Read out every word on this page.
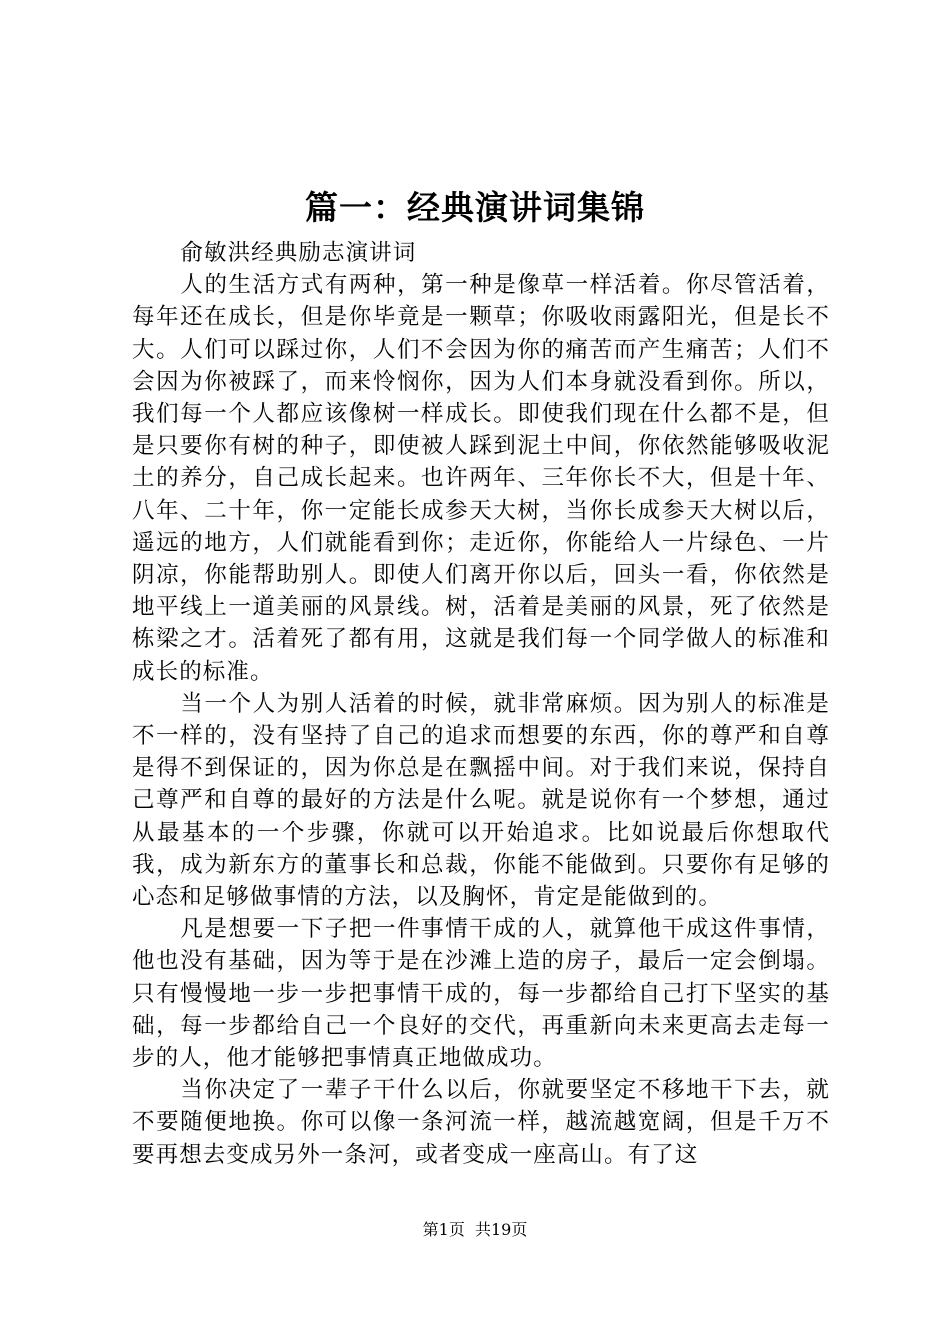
篇一：经典演讲词集锦

俞敏洪经典励志演讲词

人的生活方式有两种，第一种是像草一样活着。你尽管活着，每年还在成长，但是你毕竟是一颗草；你吸收雨露阳光，但是长不大。人们可以踩过你，人们不会因为你的痛苦而产生痛苦；人们不会因为你被踩了，而来怜悯你，因为人们本身就没看到你。所以，我们每一个人都应该像树一样成长。即使我们现在什么都不是，但是只要你有树的种子，即使被人踩到泥土中间，你依然能够吸收泥土的养分，自己成长起来。也许两年、三年你长不大，但是十年、八年、二十年，你一定能长成参天大树，当你长成参天大树以后，遥远的地方，人们就能看到你；走近你，你能给人一片绿色、一片阴凉，你能帮助别人。即使人们离开你以后，回头一看，你依然是地平线上一道美丽的风景线。树，活着是美丽的风景，死了依然是栋梁之才。活着死了都有用，这就是我们每一个同学做人的标准和成长的标准。

当一个人为别人活着的时候，就非常麻烦。因为别人的标准是不一样的，没有坚持了自己的追求而想要的东西，你的尊严和自尊是得不到保证的，因为你总是在飘摇中间。对于我们来说，保持自己尊严和自尊的最好的方法是什么呢。就是说你有一个梦想，通过从最基本的一个步骤，你就可以开始追求。比如说最后你想取代我，成为新东方的董事长和总裁，你能不能做到。只要你有足够的心态和足够做事情的方法，以及胸怀，肯定是能做到的。

凡是想要一下子把一件事情干成的人，就算他干成这件事情，他也没有基础，因为等于是在沙滩上造的房子，最后一定会倒塌。只有慢慢地一步一步把事情干成的，每一步都给自己打下坚实的基础，每一步都给自己一个良好的交代，再重新向未来更高去走每一步的人，他才能够把事情真正地做成功。

当你决定了一辈子干什么以后，你就要坚定不移地干下去，就不要随便地换。你可以像一条河流一样，越流越宽阔，但是千万不要再想去变成另外一条河，或者变成一座高山。有了这

第1页  共19页
